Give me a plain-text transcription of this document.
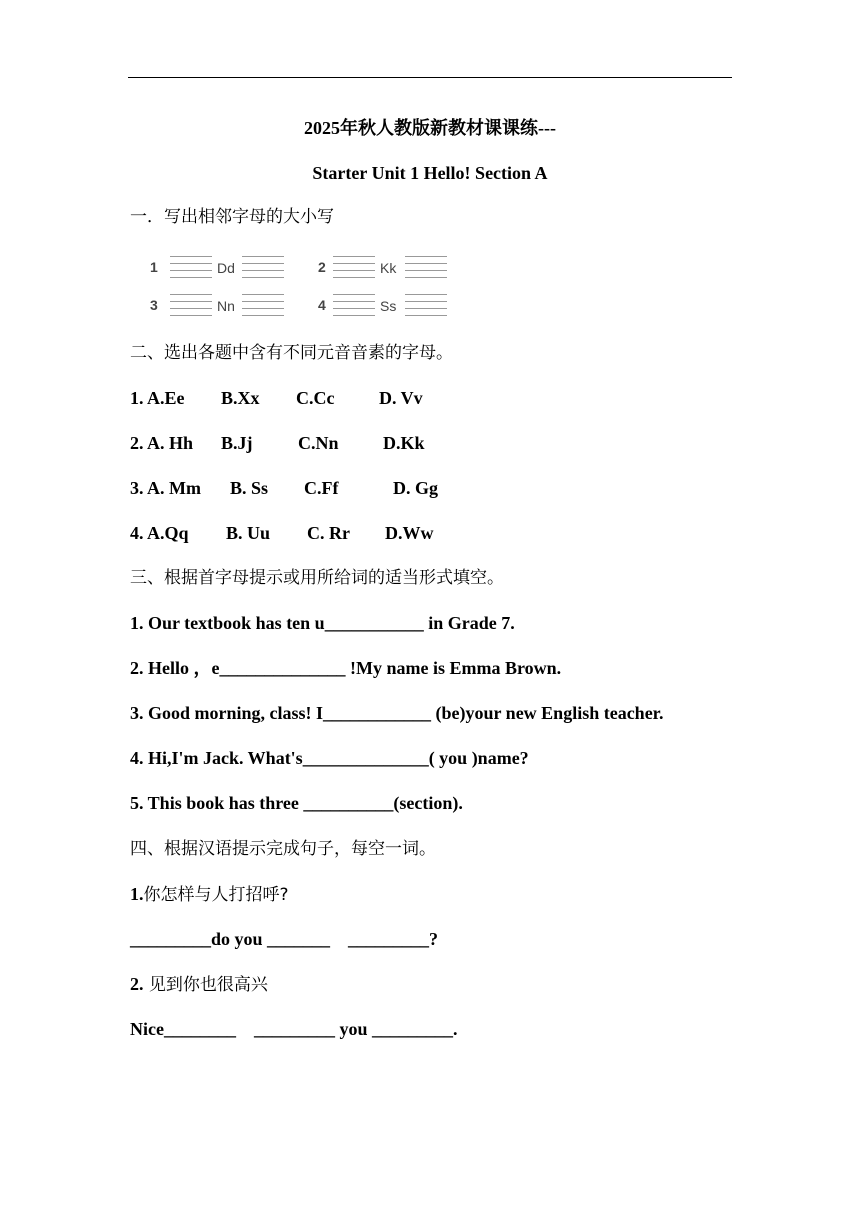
2025年秋人教版新教材课课练---
Starter Unit 1 Hello! Section A
一．写出相邻字母的大小写
1	Dd	2	Kk
3	Nn	4	Ss
二、选出各题中含有不同元音音素的字母。
1. A.Ee B.Xx C.Cc D. Vv
2. A. Hh B.Jj	C.Nn D.Kk
3. A. Mm B. Ss C.Ff	D. Gg
4. A.Qq B. Uu C. Rr D.Ww
三、根据首字母提示或用所给词的适当形式填空。
1. Our textbook has ten u___________ in Grade 7.
2. Hello ，e______________ !My name is Emma Brown.
3. Good morning, class! I____________ (be)your new English teacher.
4. Hi,I'm Jack. What's______________( you )name?
5. This book has three __________(section).
四、根据汉语提示完成句子，每空一词。
1.你怎样与人打招呼?
_________do you _______    _________?
2. 见到你也很高兴
Nice________    _________ you _________.
